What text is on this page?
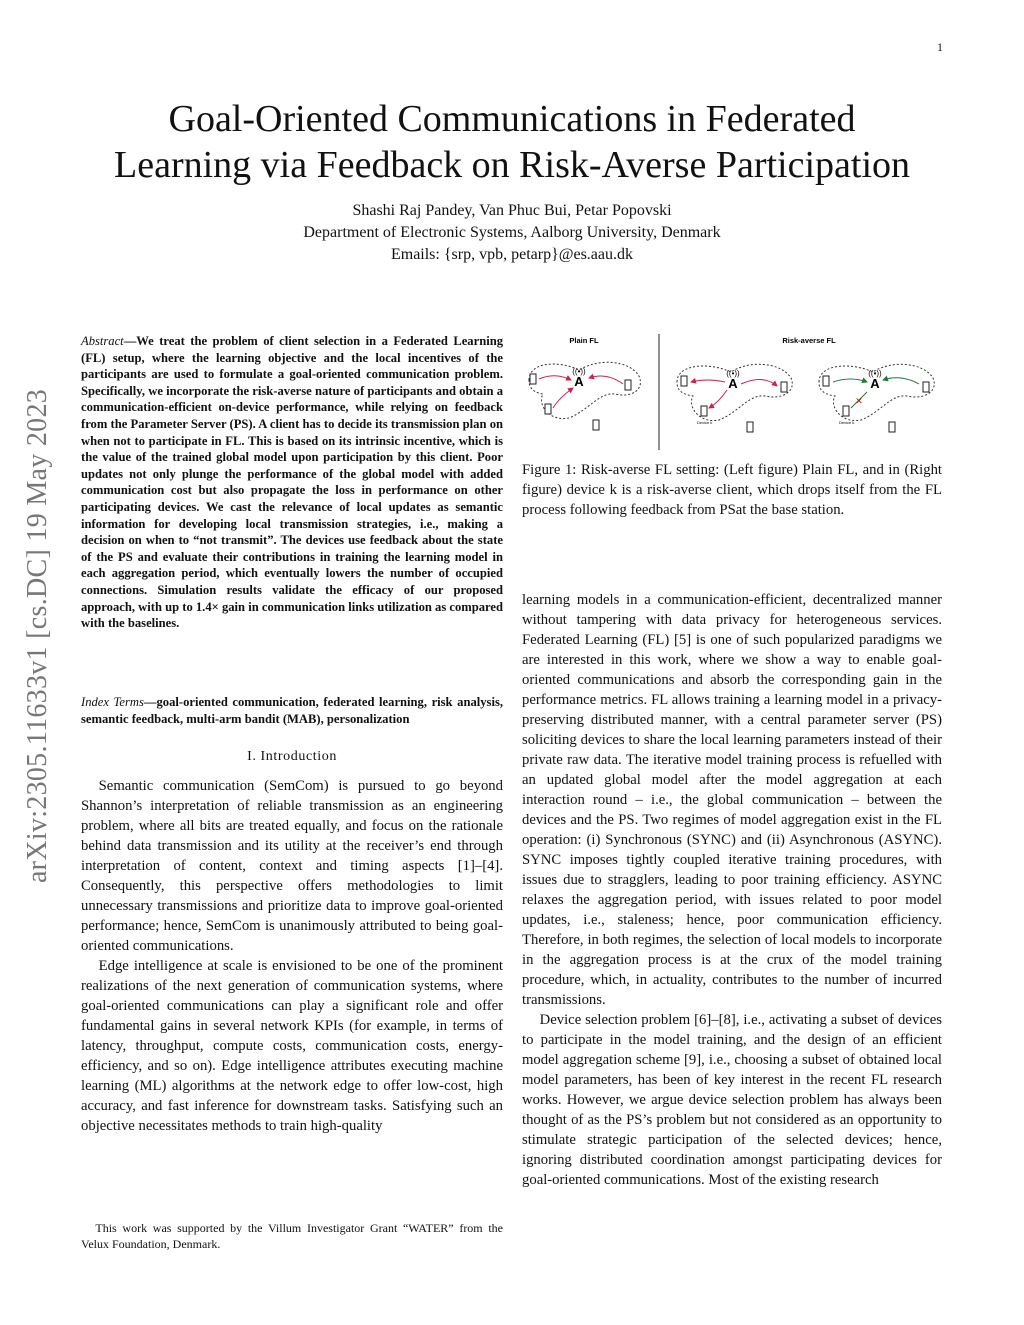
1
Goal-Oriented Communications in Federated
Learning via Feedback on Risk-Averse Participation
Shashi Raj Pandey, Van Phuc Bui, Petar Popovski
Department of Electronic Systems, Aalborg University, Denmark
Emails: {srp, vpb, petarp}@es.aau.dk
arXiv:2305.11633v1 [cs.DC] 19 May 2023
Abstract—We treat the problem of client selection in a Federated Learning (FL) setup, where the learning objective and the local incentives of the participants are used to formulate a goal-oriented communication problem. Specifically, we incorporate the risk-averse nature of participants and obtain a communication-efficient on-device performance, while relying on feedback from the Parameter Server (PS). A client has to decide its transmission plan on when not to participate in FL. This is based on its intrinsic incentive, which is the value of the trained global model upon participation by this client. Poor updates not only plunge the performance of the global model with added communication cost but also propagate the loss in performance on other participating devices. We cast the relevance of local updates as semantic information for developing local transmission strategies, i.e., making a decision on when to “not transmit”. The devices use feedback about the state of the PS and evaluate their contributions in training the learning model in each aggregation period, which eventually lowers the number of occupied connections. Simulation results validate the efficacy of our proposed approach, with up to 1.4× gain in communication links utilization as compared with the baselines.
Index Terms—goal-oriented communication, federated learning, risk analysis, semantic feedback, multi-arm bandit (MAB), personalization
I. Introduction

Semantic communication (SemCom) is pursued to go beyond Shannon’s interpretation of reliable transmission as an engineering problem, where all bits are treated equally, and focus on the rationale behind data transmission and its utility at the receiver’s end through interpretation of content, context and timing aspects [1]–[4]. Consequently, this perspective offers methodologies to limit unnecessary transmissions and prioritize data to improve goal-oriented performance; hence, SemCom is unanimously attributed to being goal-oriented communications.

Edge intelligence at scale is envisioned to be one of the prominent realizations of the next generation of communication systems, where goal-oriented communications can play a significant role and offer fundamental gains in several network KPIs (for example, in terms of latency, throughput, compute costs, communication costs, energy-efficiency, and so on). Edge intelligence attributes executing machine learning (ML) algorithms at the network edge to offer low-cost, high accuracy, and fast inference for downstream tasks. Satisfying such an objective necessitates methods to train high-quality

This work was supported by the Villum Investigator Grant “WATER” from the Velux Foundation, Denmark.
Plain FL	Risk-averse FL
A
((•))
A
((•))
Device k
A
((•))
Device k
✕
Figure 1: Risk-averse FL setting: (Left figure) Plain FL, and in (Right figure) device k is a risk-averse client, which drops itself from the FL process following feedback from PSat the base station.

learning models in a communication-efficient, decentralized manner without tampering with data privacy for heterogeneous services. Federated Learning (FL) [5] is one of such popularized paradigms we are interested in this work, where we show a way to enable goal-oriented communications and absorb the corresponding gain in the performance metrics. FL allows training a learning model in a privacy-preserving distributed manner, with a central parameter server (PS) soliciting devices to share the local learning parameters instead of their private raw data. The iterative model training process is refuelled with an updated global model after the model aggregation at each interaction round – i.e., the global communication – between the devices and the PS. Two regimes of model aggregation exist in the FL operation: (i) Synchronous (SYNC) and (ii) Asynchronous (ASYNC). SYNC imposes tightly coupled iterative training procedures, with issues due to stragglers, leading to poor training efficiency. ASYNC relaxes the aggregation period, with issues related to poor model updates, i.e., staleness; hence, poor communication efficiency. Therefore, in both regimes, the selection of local models to incorporate in the aggregation process is at the crux of the model training procedure, which, in actuality, contributes to the number of incurred transmissions.

Device selection problem [6]–[8], i.e., activating a subset of devices to participate in the model training, and the design of an efficient model aggregation scheme [9], i.e., choosing a subset of obtained local model parameters, has been of key interest in the recent FL research works. However, we argue device selection problem has always been thought of as the PS’s problem but not considered as an opportunity to stimulate strategic participation of the selected devices; hence, ignoring distributed coordination amongst participating devices for goal-oriented communications. Most of the existing research
